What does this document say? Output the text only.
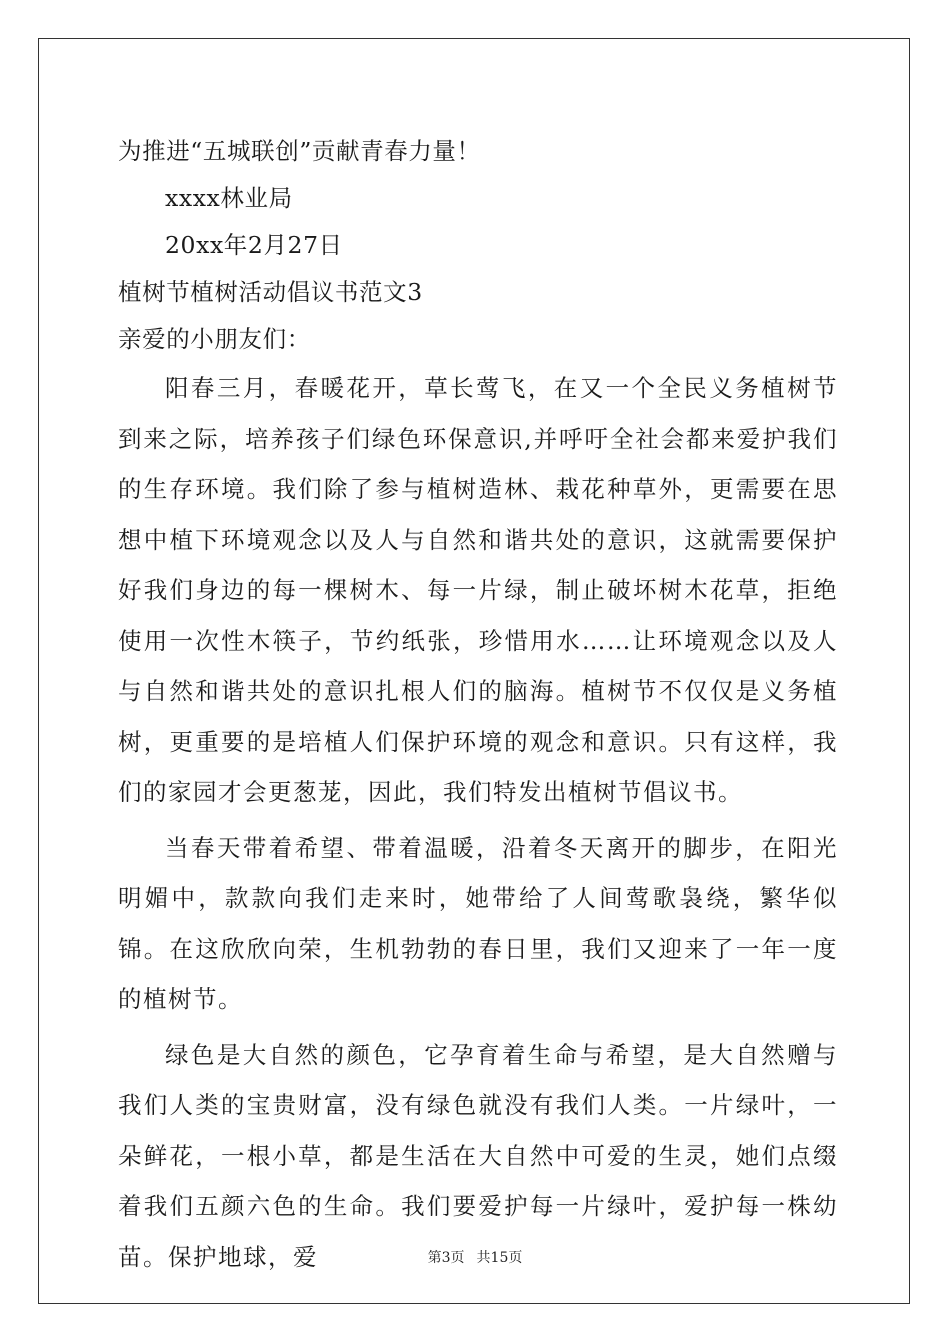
为推进“五城联创”贡献青春力量！
xxxx林业局
20xx年2月27日
植树节植树活动倡议书范文3
亲爱的小朋友们：

阳春三月，春暖花开，草长莺飞，在又一个全民义务植树节到来之际，培养孩子们绿色环保意识,并呼吁全社会都来爱护我们的生存环境。我们除了参与植树造林、栽花种草外，更需要在思想中植下环境观念以及人与自然和谐共处的意识，这就需要保护好我们身边的每一棵树木、每一片绿，制止破坏树木花草，拒绝使用一次性木筷子，节约纸张，珍惜用水……让环境观念以及人与自然和谐共处的意识扎根人们的脑海。植树节不仅仅是义务植树，更重要的是培植人们保护环境的观念和意识。只有这样，我们的家园才会更葱茏，因此，我们特发出植树节倡议书。

当春天带着希望、带着温暖，沿着冬天离开的脚步，在阳光明媚中，款款向我们走来时，她带给了人间莺歌袅绕，繁华似锦。在这欣欣向荣，生机勃勃的春日里，我们又迎来了一年一度的植树节。

绿色是大自然的颜色，它孕育着生命与希望，是大自然赠与我们人类的宝贵财富，没有绿色就没有我们人类。一片绿叶，一朵鲜花，一根小草，都是生活在大自然中可爱的生灵，她们点缀着我们五颜六色的生命。我们要爱护每一片绿叶，爱护每一株幼苗。保护地球，爱	第3页 共15页
